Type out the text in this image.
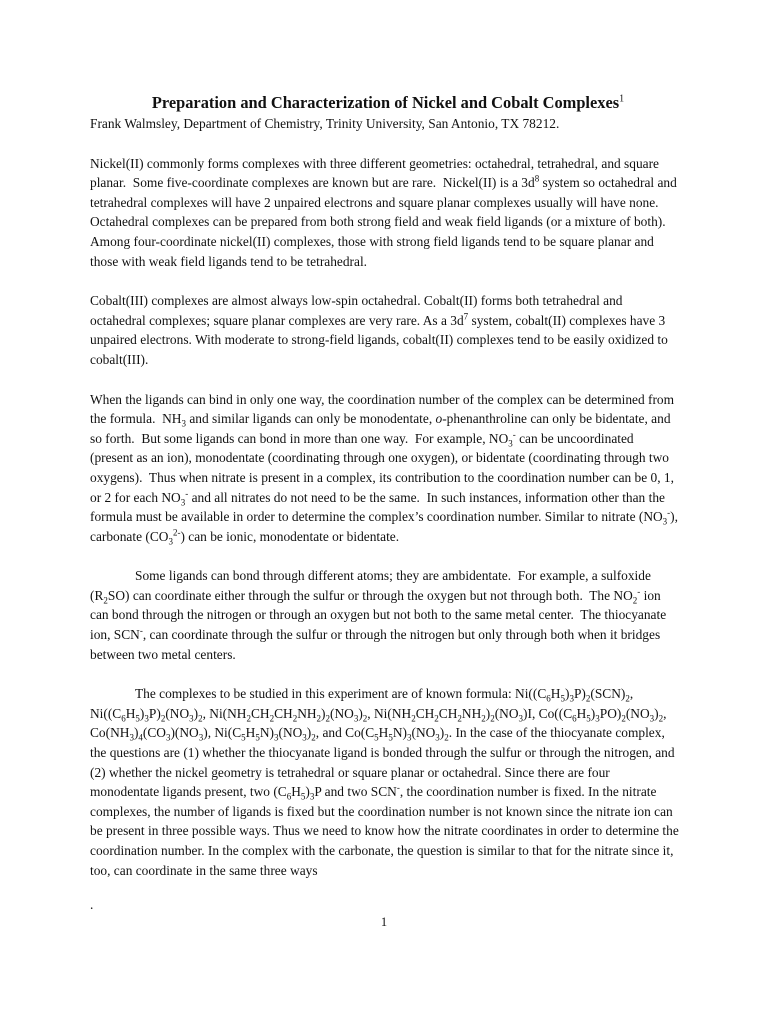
Preparation and Characterization of Nickel and Cobalt Complexes$^1$
Frank Walmsley, Department of Chemistry, Trinity University, San Antonio, TX 78212.

Nickel(II) commonly forms complexes with three different geometries: octahedral, tetrahedral, and square planar.  Some five-coordinate complexes are known but are rare.  Nickel(II) is a $3d^8$ system so octahedral and tetrahedral complexes will have 2 unpaired electrons and square planar complexes usually will have none.  Octahedral complexes can be prepared from both strong field and weak field ligands (or a mixture of both).  Among four-coordinate nickel(II) complexes, those with strong field ligands tend to be square planar and those with weak field ligands tend to be tetrahedral.

Cobalt(III) complexes are almost always low-spin octahedral. Cobalt(II) forms both tetrahedral and octahedral complexes; square planar complexes are very rare. As a $3d^7$ system, cobalt(II) complexes have 3 unpaired electrons. With moderate to strong-field ligands, cobalt(II) complexes tend to be easily oxidized to cobalt(III).

When the ligands can bind in only one way, the coordination number of the complex can be determined from the formula.  $NH_3$ and similar ligands can only be monodentate, o-phenanthroline can only be bidentate, and so forth.  But some ligands can bond in more than one way.  For example, $NO_3^-$ can be uncoordinated (present as an ion), monodentate (coordinating through one oxygen), or bidentate (coordinating through two oxygens).  Thus when nitrate is present in a complex, its contribution to the coordination number can be 0, 1, or 2 for each $NO_3^-$ and all nitrates do not need to be the same.  In such instances, information other than the formula must be available in order to determine the complex’s coordination number. Similar to nitrate $(NO_3^-)$, carbonate $(CO_3^{2-})$ can be ionic, monodentate or bidentate.

Some ligands can bond through different atoms; they are ambidentate.  For example, a sulfoxide $(R_2SO)$ can coordinate either through the sulfur or through the oxygen but not through both.  The $NO_2^-$ ion can bond through the nitrogen or through an oxygen but not both to the same metal center.  The thiocyanate ion, SCN-, can coordinate through the sulfur or through the nitrogen but only through both when it bridges between two metal centers.

The complexes to be studied in this experiment are of known formula: $Ni((C_6H_5)_3P)_2(SCN)_2$, $Ni((C_6H_5)_3P)_2(NO_3)_2$, $Ni(NH_2CH_2CH_2NH_2)_2(NO_3)_2$, $Ni(NH_2CH_2CH_2NH_2)_2(NO_3)I$, $Co((C_6H_5)_3PO)_2(NO_3)_2$, $Co(NH_3)_4(CO_3)(NO_3)$, $Ni(C_5H_5N)_3(NO_3)_2$, and $Co(C_5H_5N)_3(NO_3)_2$. In the case of the thiocyanate complex, the questions are (1) whether the thiocyanate ligand is bonded through the sulfur or through the nitrogen, and (2) whether the nickel geometry is tetrahedral or square planar or octahedral. Since there are four monodentate ligands present, two $(C_6H_5)_3P$ and two SCN-, the coordination number is fixed. In the nitrate complexes, the number of ligands is fixed but the coordination number is not known since the nitrate ion can be present in three possible ways. Thus we need to know how the nitrate coordinates in order to determine the coordination number. In the complex with the carbonate, the question is similar to that for the nitrate since it, too, can coordinate in the same three ways

.
1
